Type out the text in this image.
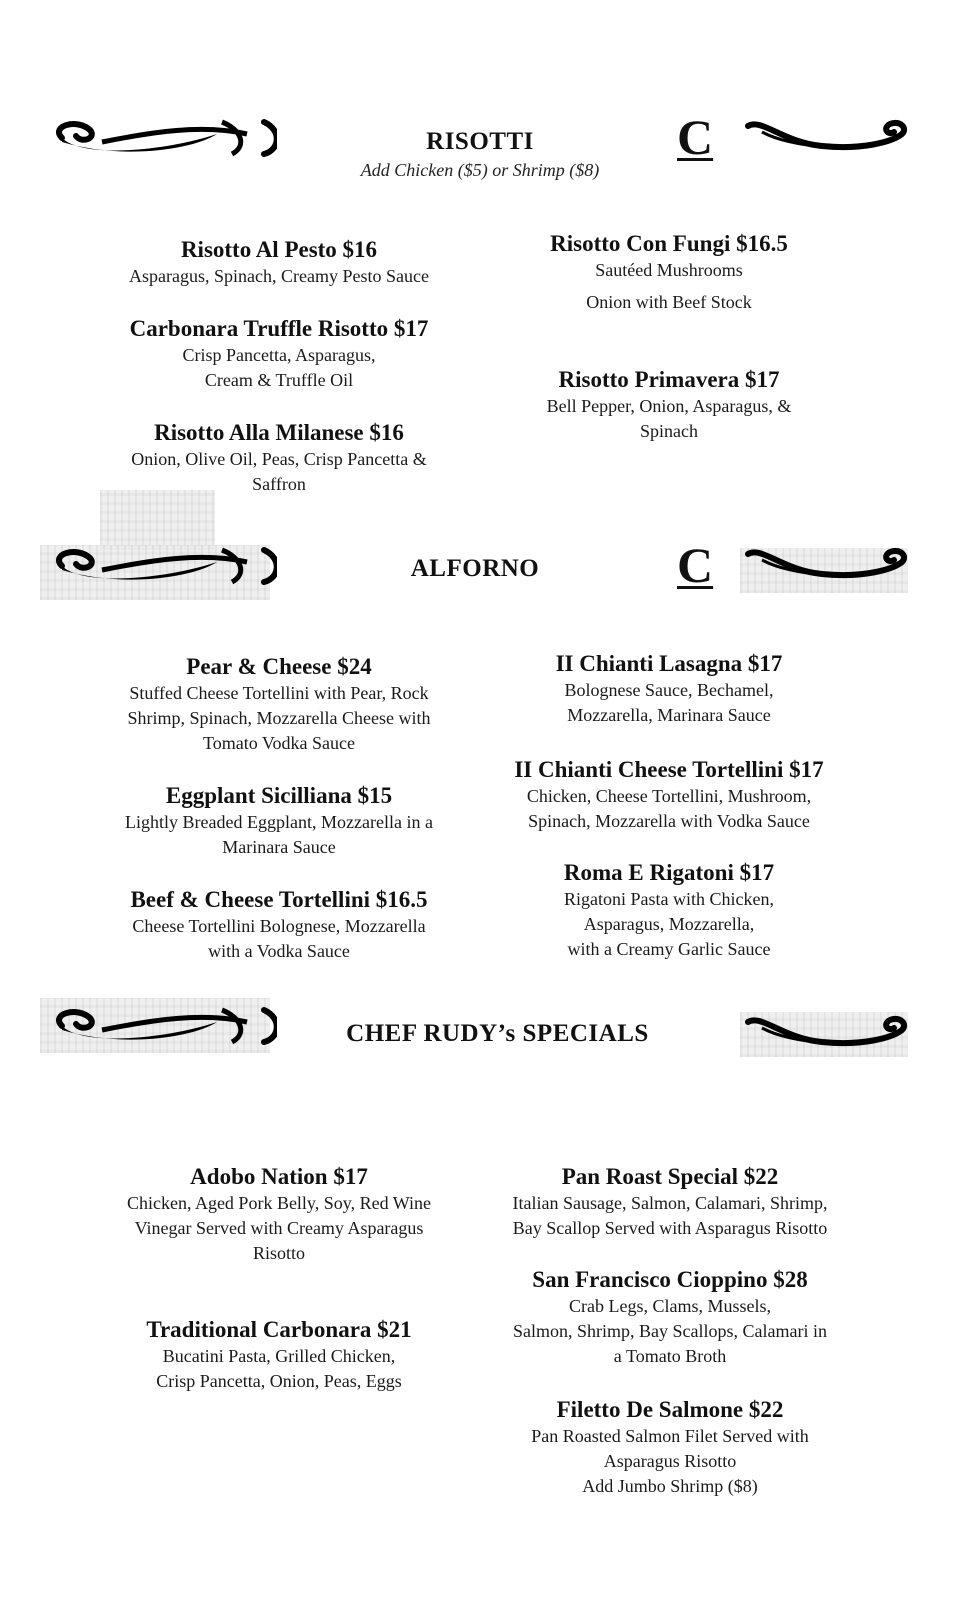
RISOTTI
Add Chicken ($5) or Shrimp ($8)
C
Risotto Al Pesto $16
Asparagus, Spinach, Creamy Pesto Sauce
Carbonara Truffle Risotto $17
Crisp Pancetta, Asparagus,
Cream & Truffle Oil
Risotto Alla Milanese $16
Onion, Olive Oil, Peas, Crisp Pancetta &
Saffron
Risotto Con Fungi $16.5
Sautéed Mushrooms
Onion with Beef Stock
Risotto Primavera $17
Bell Pepper, Onion, Asparagus, &
Spinach
ALFORNO	C
Pear & Cheese $24
Stuffed Cheese Tortellini with Pear, Rock
Shrimp, Spinach, Mozzarella Cheese with
Tomato Vodka Sauce
Eggplant Sicilliana $15
Lightly Breaded Eggplant, Mozzarella in a
Marinara Sauce
Beef & Cheese Tortellini $16.5
Cheese Tortellini Bolognese, Mozzarella
with a Vodka Sauce
II Chianti Lasagna $17
Bolognese Sauce, Bechamel,
Mozzarella, Marinara Sauce
II Chianti Cheese Tortellini $17
Chicken, Cheese Tortellini, Mushroom,
Spinach, Mozzarella with Vodka Sauce
Roma E Rigatoni $17
Rigatoni Pasta with Chicken,
Asparagus, Mozzarella,
with a Creamy Garlic Sauce
CHEF RUDY’s SPECIALS
Adobo Nation $17
Chicken, Aged Pork Belly, Soy, Red Wine
Vinegar Served with Creamy Asparagus
Risotto
Traditional Carbonara $21
Bucatini Pasta, Grilled Chicken,
Crisp Pancetta, Onion, Peas, Eggs
Pan Roast Special $22
Italian Sausage, Salmon, Calamari, Shrimp,
Bay Scallop Served with Asparagus Risotto
San Francisco Cioppino $28
Crab Legs, Clams, Mussels,
Salmon, Shrimp, Bay Scallops, Calamari in
a Tomato Broth
Filetto De Salmone $22
Pan Roasted Salmon Filet Served with
Asparagus Risotto
Add Jumbo Shrimp ($8)
